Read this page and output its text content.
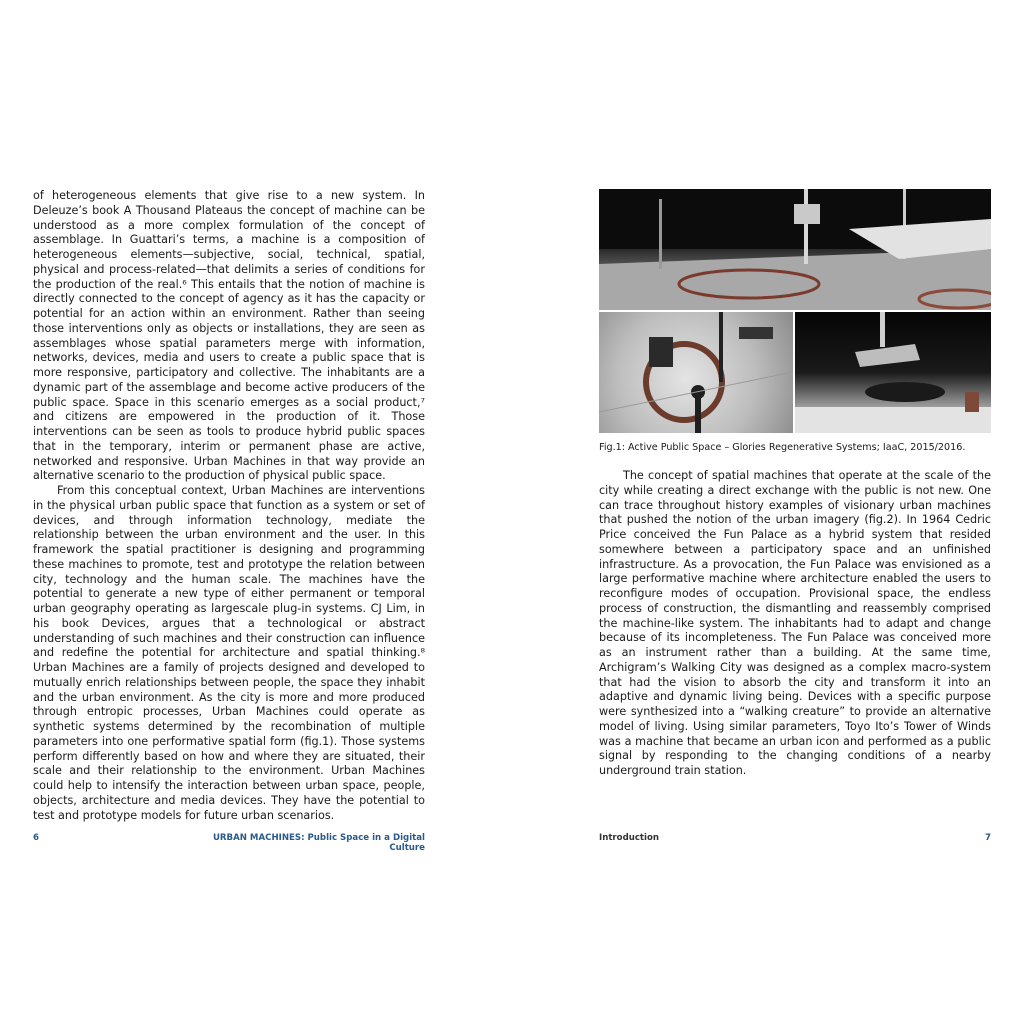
of heterogeneous elements that give rise to a new system. In Deleuze’s book A Thousand Plateaus the concept of machine can be understood as a more complex formulation of the concept of assemblage. In Guattari’s terms, a machine is a composition of heterogeneous elements—subjective, social, technical, spatial, physical and process-related—that delimits a series of conditions for the production of the real.⁶ This entails that the notion of machine is directly connected to the concept of agency as it has the capacity or potential for an action within an environment. Rather than seeing those interventions only as objects or installations, they are seen as assemblages whose spatial parameters merge with information, networks, devices, media and users to create a public space that is more responsive, participatory and collective. The inhabitants are a dynamic part of the assemblage and become active producers of the public space. Space in this scenario emerges as a social product,⁷ and citizens are empowered in the production of it. Those interventions can be seen as tools to produce hybrid public spaces that in the temporary, interim or permanent phase are active, networked and responsive. Urban Machines in that way provide an alternative scenario to the production of physical public space.

From this conceptual context, Urban Machines are interventions in the physical urban public space that function as a system or set of devices, and through information technology, mediate the relationship between the urban environment and the user. In this framework the spatial practitioner is designing and programming these machines to promote, test and prototype the relation between city, technology and the human scale. The machines have the potential to generate a new type of either permanent or temporal urban geography operating as largescale plug-in systems. CJ Lim, in his book Devices, argues that a technological or abstract understanding of such machines and their construction can influence and redefine the potential for architecture and spatial thinking.⁸ Urban Machines are a family of projects designed and developed to mutually enrich relationships between people, the space they inhabit and the urban environment. As the city is more and more produced through entropic processes, Urban Machines could operate as synthetic systems determined by the recombination of multiple parameters into one performative spatial form (fig.1). Those systems perform differently based on how and where they are situated, their scale and their relationship to the environment. Urban Machines could help to intensify the interaction between urban space, people, objects, architecture and media devices. They have the potential to test and prototype models for future urban scenarios.

Fig.1: Active Public Space – Glories Regenerative Systems; IaaC, 2015/2016.

The concept of spatial machines that operate at the scale of the city while creating a direct exchange with the public is not new. One can trace throughout history examples of visionary urban machines that pushed the notion of the urban imagery (fig.2). In 1964 Cedric Price conceived the Fun Palace as a hybrid system that resided somewhere between a participatory space and an unfinished infrastructure. As a provocation, the Fun Palace was envisioned as a large performative machine where architecture enabled the users to reconfigure modes of occupation. Provisional space, the endless process of construction, the dismantling and reassembly comprised the machine-like system. The inhabitants had to adapt and change because of its incompleteness. The Fun Palace was conceived more as an instrument rather than a building. At the same time, Archigram’s Walking City was designed as a complex macro-system that had the vision to absorb the city and transform it into an adaptive and dynamic living being. Devices with a specific purpose were synthesized into a “walking creature” to provide an alternative model of living. Using similar parameters, Toyo Ito’s Tower of Winds was a machine that became an urban icon and performed as a public signal by responding to the changing conditions of a nearby underground train station.

6	URBAN MACHINES: Public Space in a Digital Culture
Introduction	7
